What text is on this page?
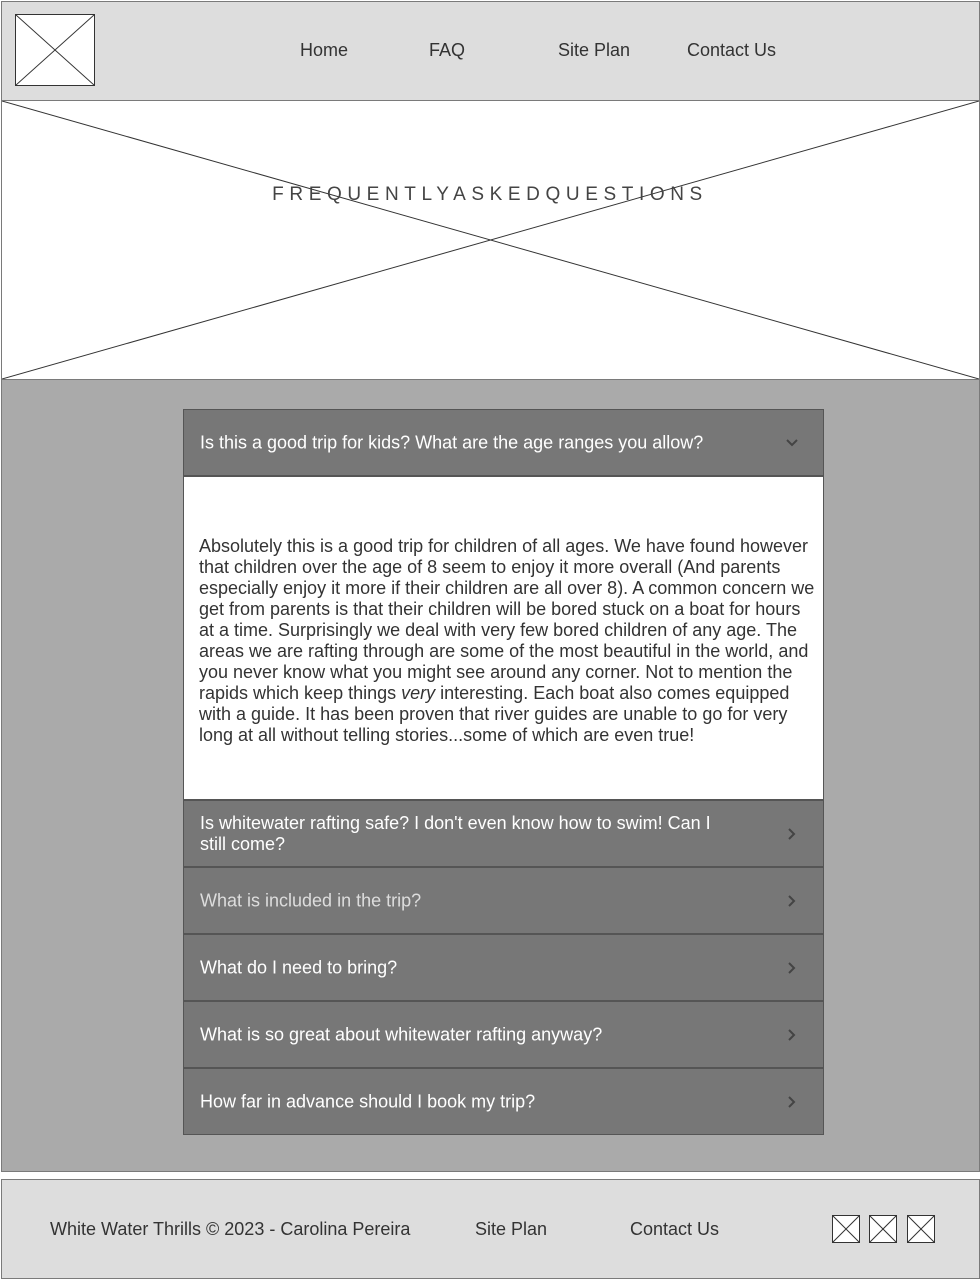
Home	FAQ	Site Plan	Contact Us
FREQUENTLYASKEDQUESTIONS
Is this a good trip for kids? What are the age ranges you allow?

Absolutely this is a good trip for children of all ages. We have found however that children over the age of 8 seem to enjoy it more overall (And parents especially enjoy it more if their children are all over 8). A common concern we get from parents is that their children will be bored stuck on a boat for hours at a time. Surprisingly we deal with very few bored children of any age. The areas we are rafting through are some of the most beautiful in the world, and you never know what you might see around any corner. Not to mention the rapids which keep things very interesting. Each boat also comes equipped with a guide. It has been proven that river guides are unable to go for very long at all without telling stories...some of which are even true!

Is whitewater rafting safe? I don't even know how to swim! Can I still come?
What is included in the trip?
What do I need to bring?
What is so great about whitewater rafting anyway?
How far in advance should I book my trip?
White Water Thrills © 2023 - Carolina Pereira	Site Plan	Contact Us
